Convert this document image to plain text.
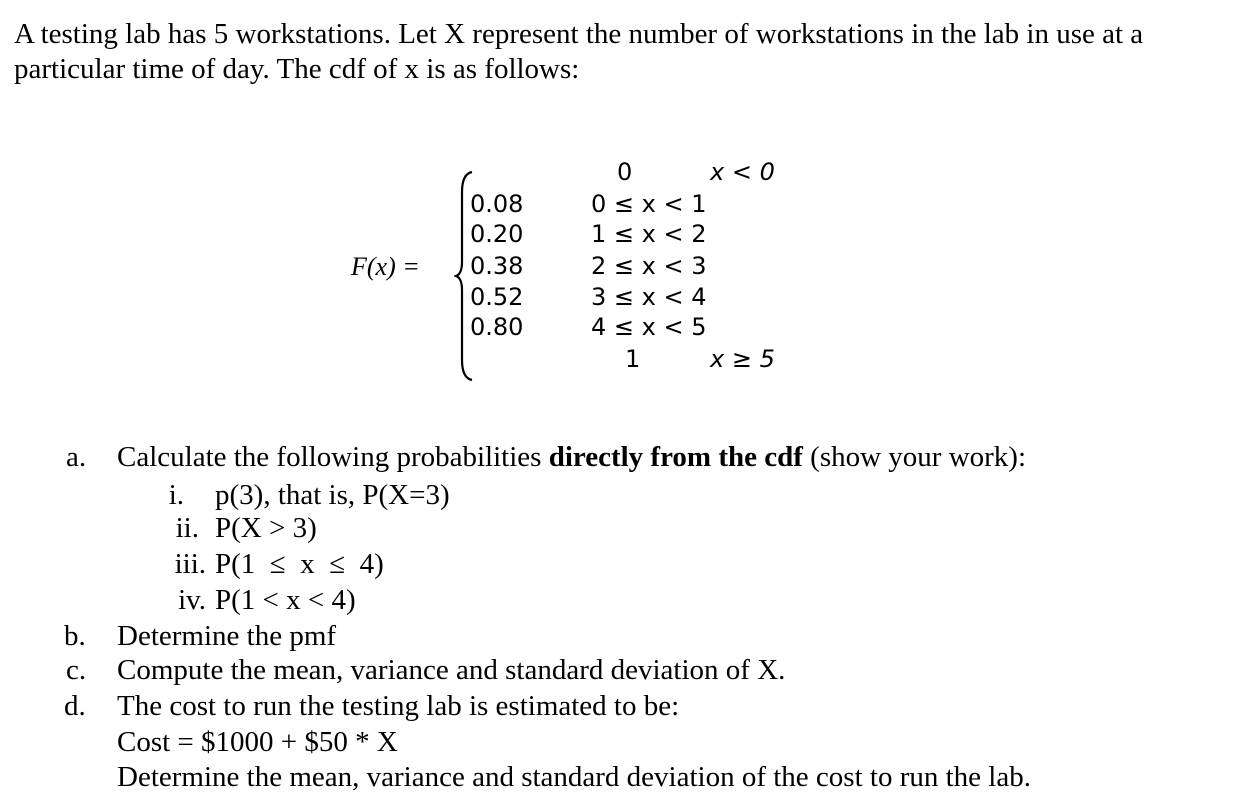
A testing lab has 5 workstations. Let X represent the number of workstations in the lab in use at a particular time of day. The cdf of x is as follows:
F(x) =
0	x < 0
0.08	0 ≤ x < 1
0.20	1 ≤ x < 2
0.38	2 ≤ x < 3
0.52	3 ≤ x < 4
0.80	4 ≤ x < 5
1	x ≥ 5
a. Calculate the following probabilities directly from the cdf (show your work):
i. p(3), that is, P(X=3)
ii. P(X > 3)
iii. P(1  ≤  x  ≤  4)
iv. P(1 < x < 4)
b. Determine the pmf
c. Compute the mean, variance and standard deviation of X.
d. The cost to run the testing lab is estimated to be:
Cost = $1000 + $50 * X
Determine the mean, variance and standard deviation of the cost to run the lab.
